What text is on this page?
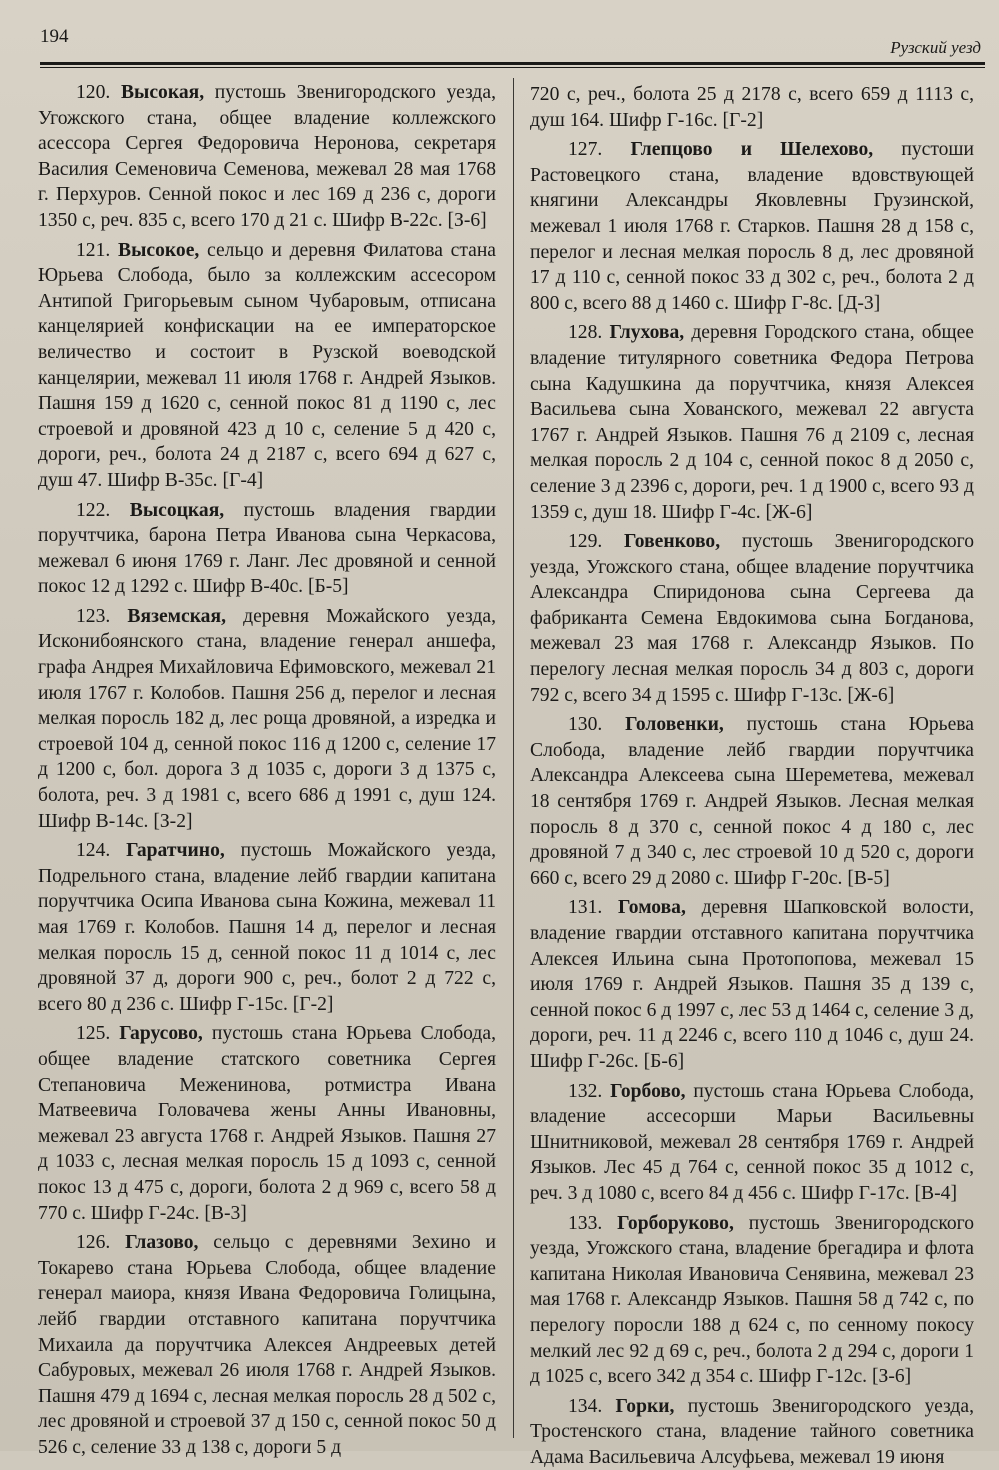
194
Рузский уезд

120. Высокая, пустошь Звенигородского уезда, Угожского стана, общее владение коллежского асессора Сергея Федоровича Неронова, секретаря Василия Семеновича Семенова, межевал 28 мая 1768 г. Перхуров. Сенной покос и лес 169 д 236 с, дороги 1350 с, реч. 835 с, всего 170 д 21 с. Шифр В-22с. [З-6]

121. Высокое, сельцо и деревня Филатова стана Юрьева Слобода, было за коллежским ассесором Антипой Григорьевым сыном Чубаровым, отписана канцелярией конфискации на ее императорское величество и состоит в Рузской воеводской канцелярии, межевал 11 июля 1768 г. Андрей Языков. Пашня 159 д 1620 с, сенной покос 81 д 1190 с, лес строевой и дровяной 423 д 10 с, селение 5 д 420 с, дороги, реч., болота 24 д 2187 с, всего 694 д 627 с, душ 47. Шифр В-35с. [Г-4]

122. Высоцкая, пустошь владения гвардии поручтчика, барона Петра Иванова сына Черкасова, межевал 6 июня 1769 г. Ланг. Лес дровяной и сенной покос 12 д 1292 с. Шифр В-40с. [Б-5]

123. Вяземская, деревня Можайского уезда, Исконибоянского стана, владение генерал аншефа, графа Андрея Михайловича Ефимовского, межевал 21 июля 1767 г. Колобов. Пашня 256 д, перелог и лесная мелкая поросль 182 д, лес роща дровяной, а изредка и строевой 104 д, сенной покос 116 д 1200 с, селение 17 д 1200 с, бол. дорога 3 д 1035 с, дороги 3 д 1375 с, болота, реч. 3 д 1981 с, всего 686 д 1991 с, душ 124. Шифр В-14с. [З-2]

124. Гаратчино, пустошь Можайского уезда, Подрельного стана, владение лейб гвардии капитана поручтчика Осипа Иванова сына Кожина, межевал 11 мая 1769 г. Колобов. Пашня 14 д, перелог и лесная мелкая поросль 15 д, сенной покос 11 д 1014 с, лес дровяной 37 д, дороги 900 с, реч., болот 2 д 722 с, всего 80 д 236 с. Шифр Г-15с. [Г-2]

125. Гарусово, пустошь стана Юрьева Слобода, общее владение статского советника Сергея Степановича Меженинова, ротмистра Ивана Матвеевича Головачева жены Анны Ивановны, межевал 23 августа 1768 г. Андрей Языков. Пашня 27 д 1033 с, лесная мелкая поросль 15 д 1093 с, сенной покос 13 д 475 с, дороги, болота 2 д 969 с, всего 58 д 770 с. Шифр Г-24с. [В-3]

126. Глазово, сельцо с деревнями Зехино и Токарево стана Юрьева Слобода, общее владение генерал маиора, князя Ивана Федоровича Голицына, лейб гвардии отставного капитана поручтчика Михаила да поручтчика Алексея Андреевых детей Сабуровых, межевал 26 июля 1768 г. Андрей Языков. Пашня 479 д 1694 с, лесная мелкая поросль 28 д 502 с, лес дровяной и строевой 37 д 150 с, сенной покос 50 д 526 с, селение 33 д 138 с, дороги 5 д

720 с, реч., болота 25 д 2178 с, всего 659 д 1113 с, душ 164. Шифр Г-16с. [Г-2]

127. Глепцово и Шелехово, пустоши Растовецкого стана, владение вдовствующей княгини Александры Яковлевны Грузинской, межевал 1 июля 1768 г. Старков. Пашня 28 д 158 с, перелог и лесная мелкая поросль 8 д, лес дровяной 17 д 110 с, сенной покос 33 д 302 с, реч., болота 2 д 800 с, всего 88 д 1460 с. Шифр Г-8с. [Д-3]

128. Глухова, деревня Городского стана, общее владение титулярного советника Федора Петрова сына Кадушкина да поручтчика, князя Алексея Васильева сына Хованского, межевал 22 августа 1767 г. Андрей Языков. Пашня 76 д 2109 с, лесная мелкая поросль 2 д 104 с, сенной покос 8 д 2050 с, селение 3 д 2396 с, дороги, реч. 1 д 1900 с, всего 93 д 1359 с, душ 18. Шифр Г-4с. [Ж-6]

129. Говенково, пустошь Звенигородского уезда, Угожского стана, общее владение поручтчика Александра Спиридонова сына Сергеева да фабриканта Семена Евдокимова сына Богданова, межевал 23 мая 1768 г. Александр Языков. По перелогу лесная мелкая поросль 34 д 803 с, дороги 792 с, всего 34 д 1595 с. Шифр Г-13с. [Ж-6]

130. Головенки, пустошь стана Юрьева Слобода, владение лейб гвардии поручтчика Александра Алексеева сына Шереметева, межевал 18 сентября 1769 г. Андрей Языков. Лесная мелкая поросль 8 д 370 с, сенной покос 4 д 180 с, лес дровяной 7 д 340 с, лес строевой 10 д 520 с, дороги 660 с, всего 29 д 2080 с. Шифр Г-20с. [В-5]

131. Гомова, деревня Шапковской волости, владение гвардии отставного капитана поручтчика Алексея Ильина сына Протопопова, межевал 15 июля 1769 г. Андрей Языков. Пашня 35 д 139 с, сенной покос 6 д 1997 с, лес 53 д 1464 с, селение 3 д, дороги, реч. 11 д 2246 с, всего 110 д 1046 с, душ 24. Шифр Г-26с. [Б-6]

132. Горбово, пустошь стана Юрьева Слобода, владение ассесорши Марьи Васильевны Шнитниковой, межевал 28 сентября 1769 г. Андрей Языков. Лес 45 д 764 с, сенной покос 35 д 1012 с, реч. 3 д 1080 с, всего 84 д 456 с. Шифр Г-17с. [В-4]

133. Горборуково, пустошь Звенигородского уезда, Угожского стана, владение брегадира и флота капитана Николая Ивановича Сенявина, межевал 23 мая 1768 г. Александр Языков. Пашня 58 д 742 с, по перелогу поросли 188 д 624 с, по сенному покосу мелкий лес 92 д 69 с, реч., болота 2 д 294 с, дороги 1 д 1025 с, всего 342 д 354 с. Шифр Г-12с. [З-6]

134. Горки, пустошь Звенигородского уезда, Тростенского стана, владение тайного советника Адама Васильевича Алсуфьева, межевал 19 июня
